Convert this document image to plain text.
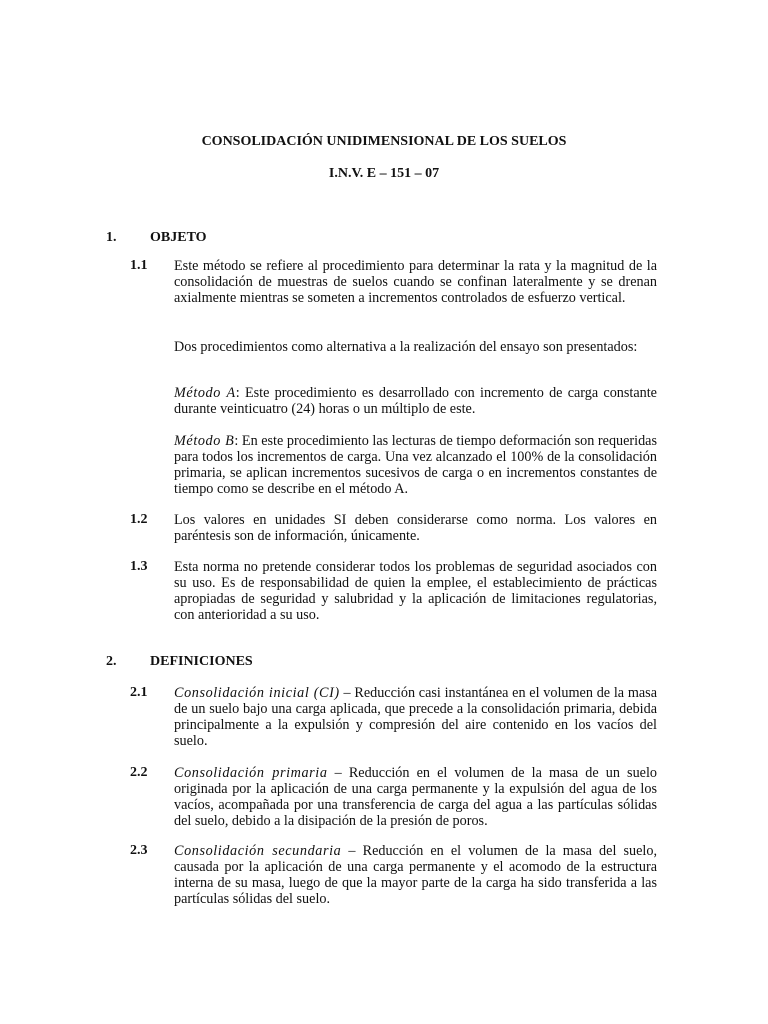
CONSOLIDACIÓN UNIDIMENSIONAL DE LOS SUELOS
I.N.V. E – 151 – 07
1. OBJETO
1.1 Este método se refiere al procedimiento para determinar la rata y la magnitud de la consolidación de muestras de suelos cuando se confinan lateralmente y se drenan axialmente mientras se someten a incrementos controlados de esfuerzo vertical.
Dos procedimientos como alternativa a la realización del ensayo son presentados:
Método A: Este procedimiento es desarrollado con incremento de carga constante durante veinticuatro (24) horas o un múltiplo de este.
Método B: En este procedimiento las lecturas de tiempo deformación son requeridas para todos los incrementos de carga. Una vez alcanzado el 100% de la consolidación primaria, se aplican incrementos sucesivos de carga o en incrementos constantes de tiempo como se describe en el método A.
1.2 Los valores en unidades SI deben considerarse como norma. Los valores en paréntesis son de información, únicamente.
1.3 Esta norma no pretende considerar todos los problemas de seguridad asociados con su uso. Es de responsabilidad de quien la emplee, el establecimiento de prácticas apropiadas de seguridad y salubridad y la aplicación de limitaciones regulatorias, con anterioridad a su uso.
2. DEFINICIONES
2.1 Consolidación inicial (CI) – Reducción casi instantánea en el volumen de la masa de un suelo bajo una carga aplicada, que precede a la consolidación primaria, debida principalmente a la expulsión y compresión del aire contenido en los vacíos del suelo.
2.2 Consolidación primaria – Reducción en el volumen de la masa de un suelo originada por la aplicación de una carga permanente y la expulsión del agua de los vacíos, acompañada por una transferencia de carga del agua a las partículas sólidas del suelo, debido a la disipación de la presión de poros.
2.3 Consolidación secundaria – Reducción en el volumen de la masa del suelo, causada por la aplicación de una carga permanente y el acomodo de la estructura interna de su masa, luego de que la mayor parte de la carga ha sido transferida a las partículas sólidas del suelo.
